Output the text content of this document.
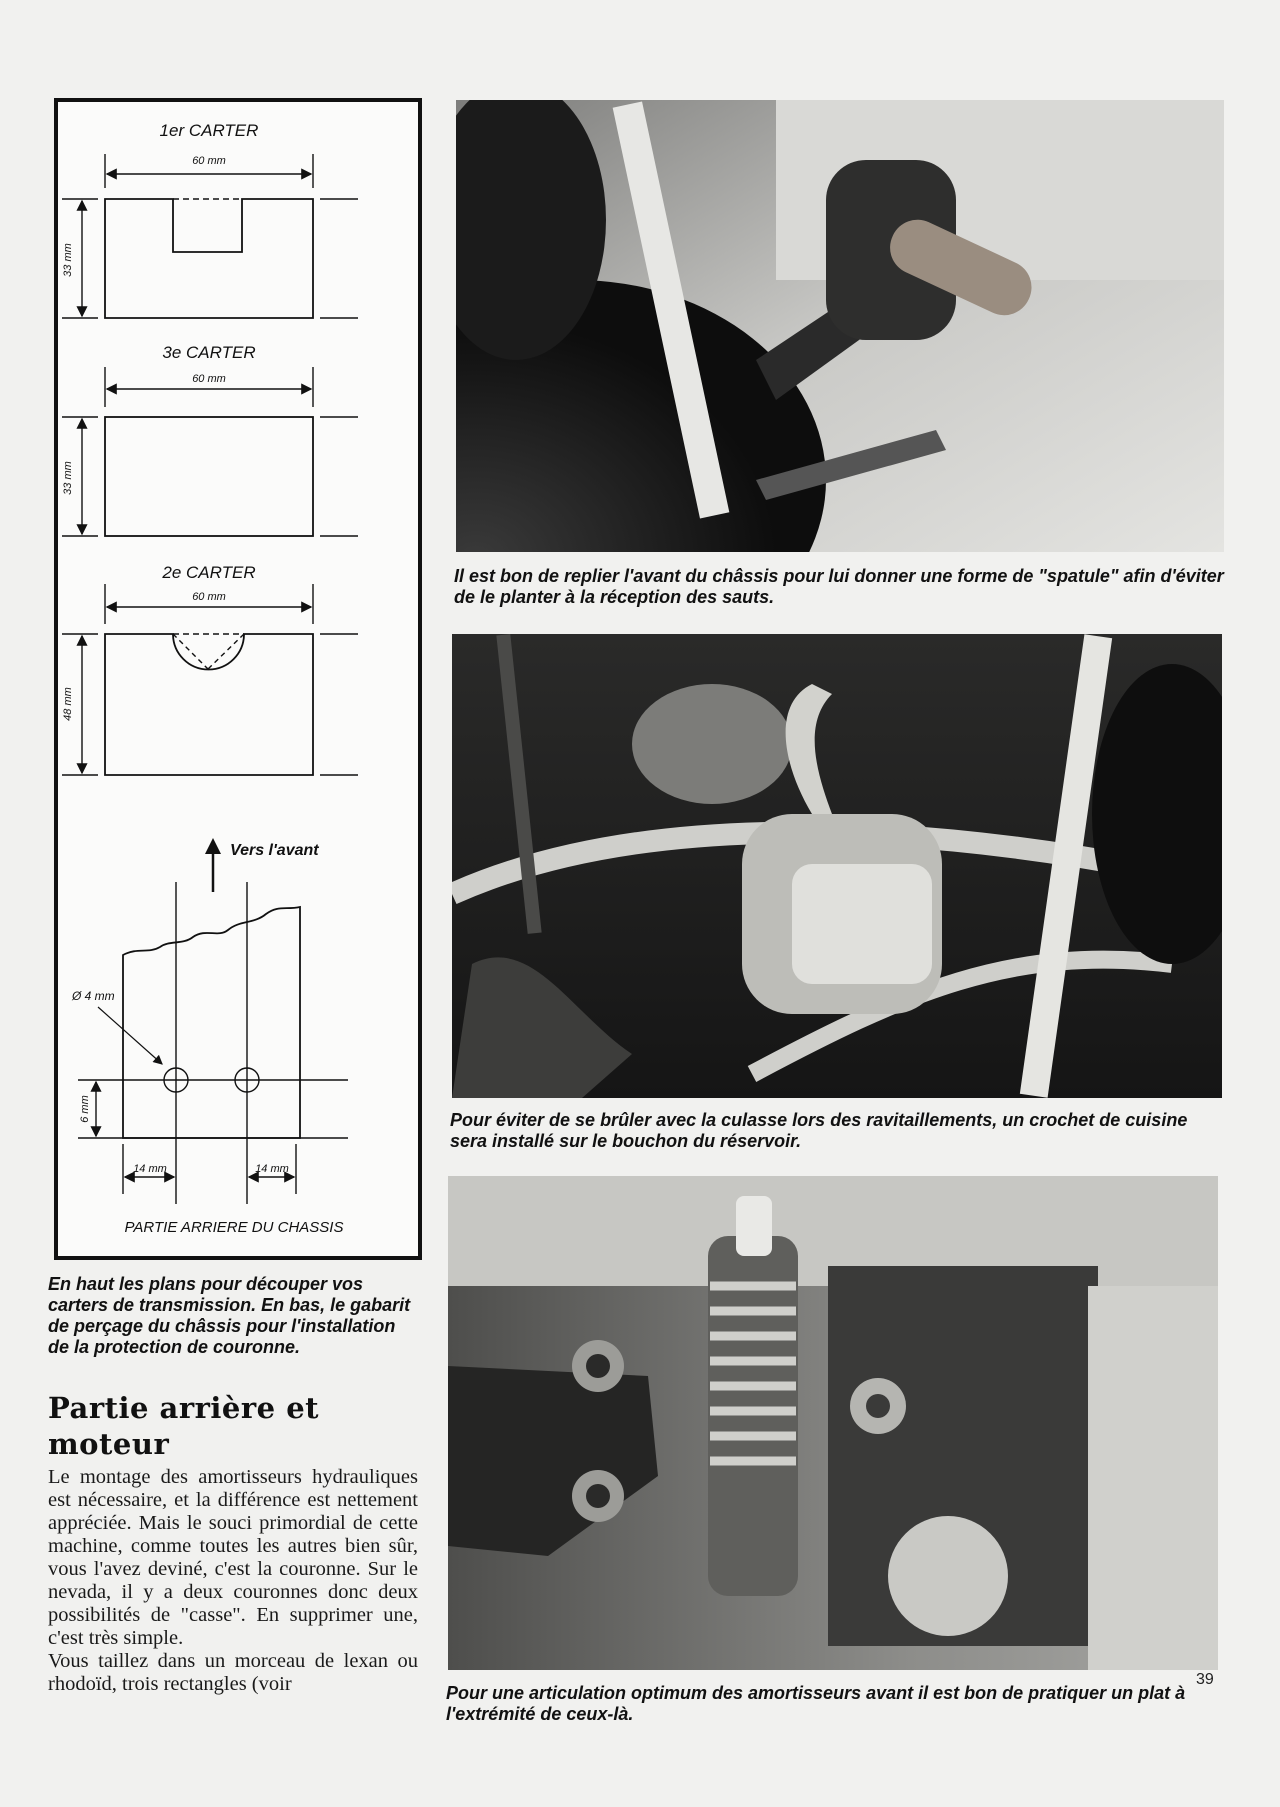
1er CARTER
60 mm
33 mm
3e CARTER
60 mm
33 mm
2e CARTER
60 mm
48 mm
Vers l'avant
Ø 4 mm
6 mm
14 mm	14 mm
PARTIE ARRIERE DU CHASSIS

En haut les plans pour découper vos carters de transmission. En bas, le gabarit de perçage du châssis pour l'installation de la protection de couronne.

Il est bon de replier l'avant du châssis pour lui donner une forme de "spatule" afin d'éviter de le planter à la réception des sauts.

Pour éviter de se brûler avec la culasse lors des ravitaillements, un crochet de cuisine sera installé sur le bouchon du réservoir.

Pour une articulation optimum des amortisseurs avant il est bon de pratiquer un plat à l'extrémité de ceux-là.

Partie arrière et moteur

Le montage des amortisseurs hydrauliques est nécessaire, et la différence est nettement appréciée. Mais le souci primordial de cette machine, comme toutes les autres bien sûr, vous l'avez deviné, c'est la couronne. Sur le nevada, il y a deux couronnes donc deux possibilités de "casse". En supprimer une, c'est très simple.

Vous taillez dans un morceau de lexan ou rhodoïd, trois rectangles (voir	39
